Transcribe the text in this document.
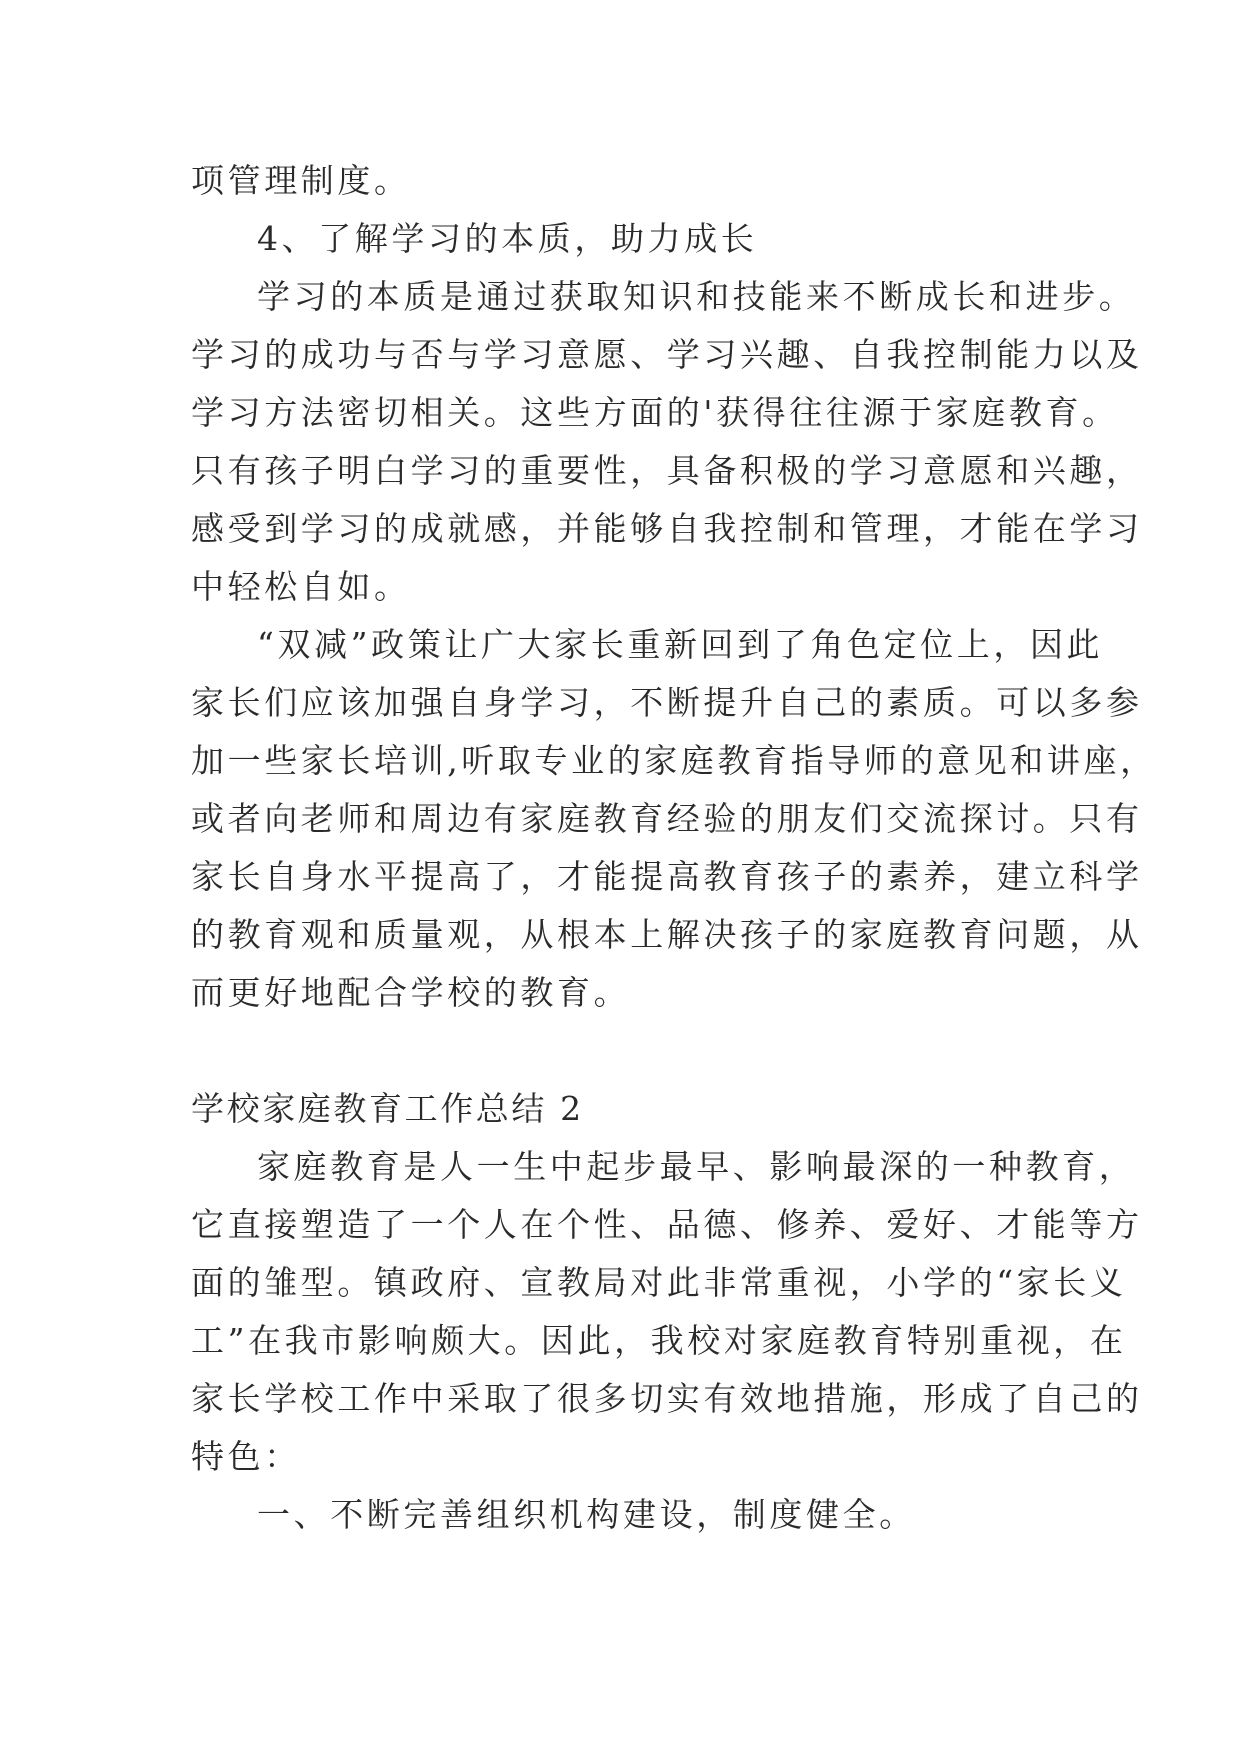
项管理制度。
4、了解学习的本质，助力成长
学习的本质是通过获取知识和技能来不断成长和进步。
学习的成功与否与学习意愿、学习兴趣、自我控制能力以及
学习方法密切相关。这些方面的'获得往往源于家庭教育。
只有孩子明白学习的重要性，具备积极的学习意愿和兴趣，
感受到学习的成就感，并能够自我控制和管理，才能在学习
中轻松自如。
“双减”政策让广大家长重新回到了角色定位上，因此
家长们应该加强自身学习，不断提升自己的素质。可以多参
加一些家长培训,听取专业的家庭教育指导师的意见和讲座，
或者向老师和周边有家庭教育经验的朋友们交流探讨。只有
家长自身水平提高了，才能提高教育孩子的素养，建立科学
的教育观和质量观，从根本上解决孩子的家庭教育问题，从
而更好地配合学校的教育。
学校家庭教育工作总结 2
家庭教育是人一生中起步最早、影响最深的一种教育，
它直接塑造了一个人在个性、品德、修养、爱好、才能等方
面的雏型。镇政府、宣教局对此非常重视，小学的“家长义
工”在我市影响颇大。因此，我校对家庭教育特别重视，在
家长学校工作中采取了很多切实有效地措施，形成了自己的
特色：
一、不断完善组织机构建设，制度健全。
